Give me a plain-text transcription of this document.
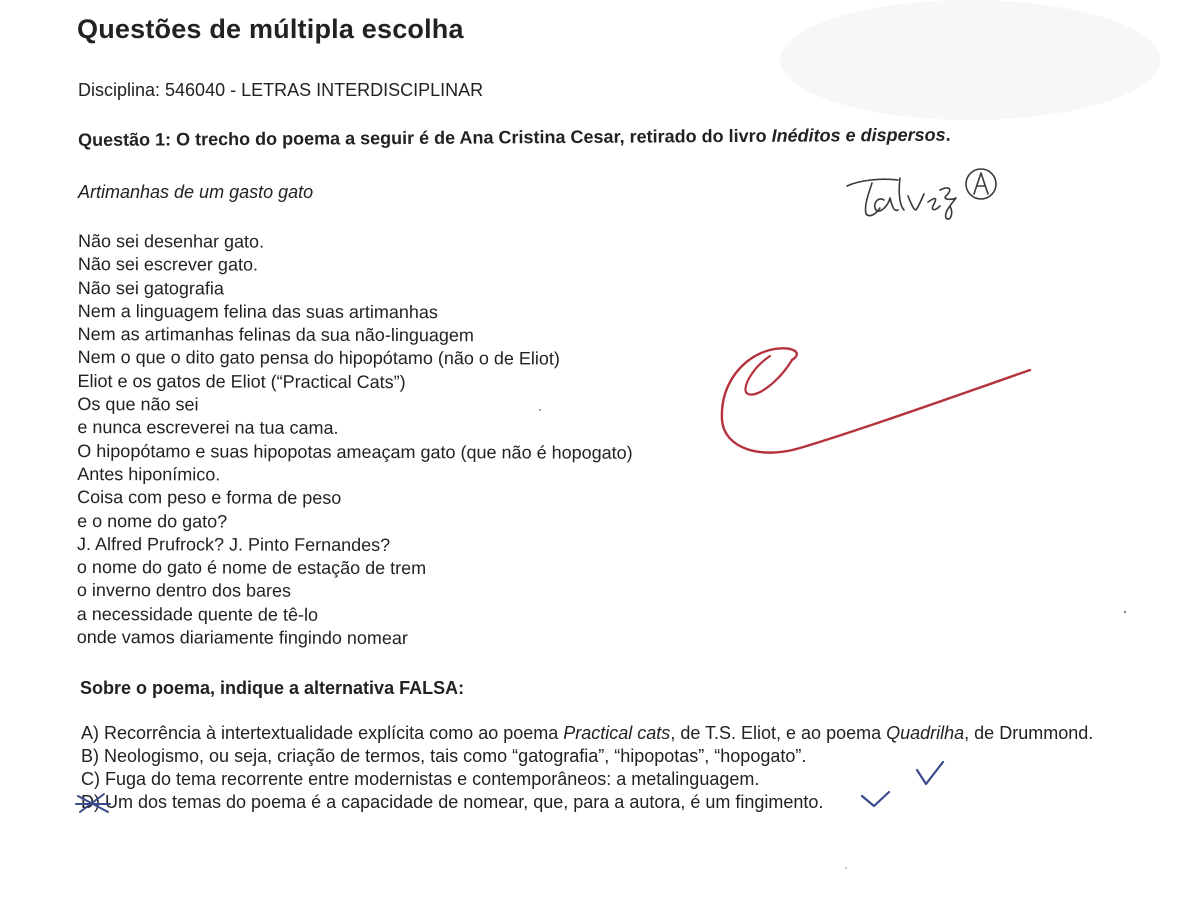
Questões de múltipla escolha
Disciplina: 546040 - LETRAS INTERDISCIPLINAR
Questão 1: O trecho do poema a seguir é de Ana Cristina Cesar, retirado do livro Inéditos e dispersos.
Artimanhas de um gasto gato
Não sei desenhar gato.
Não sei escrever gato.
Não sei gatografia
Nem a linguagem felina das suas artimanhas
Nem as artimanhas felinas da sua não-linguagem
Nem o que o dito gato pensa do hipopótamo (não o de Eliot)
Eliot e os gatos de Eliot (“Practical Cats”)
Os que não sei
e nunca escreverei na tua cama.
O hipopótamo e suas hipopotas ameaçam gato (que não é hopogato)
Antes hiponímico.
Coisa com peso e forma de peso
e o nome do gato?
J. Alfred Prufrock? J. Pinto Fernandes?
o nome do gato é nome de estação de trem
o inverno dentro dos bares
a necessidade quente de tê-lo
onde vamos diariamente fingindo nomear
Sobre o poema, indique a alternativa FALSA:
A) Recorrência à intertextualidade explícita como ao poema Practical cats, de T.S. Eliot, e ao poema Quadrilha, de Drummond.
B) Neologismo, ou seja, criação de termos, tais como “gatografia”, “hipopotas”, “hopogato”.
C) Fuga do tema recorrente entre modernistas e contemporâneos: a metalinguagem.
D) Um dos temas do poema é a capacidade de nomear, que, para a autora, é um fingimento.
